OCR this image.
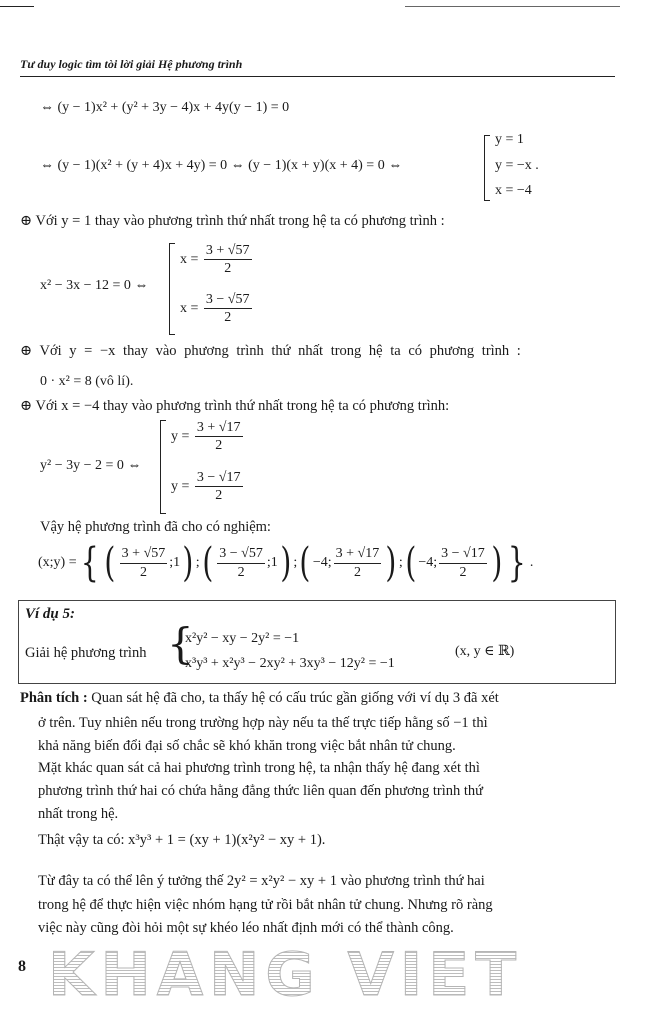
Tư duy logic tìm tòi lời giải Hệ phương trình
⇔ (y − 1)x² + (y² + 3y − 4)x + 4y(y − 1) = 0
⇔ (y − 1)(x² + (y + 4)x + 4y) = 0 ⇔ (y − 1)(x + y)(x + 4) = 0 ⇔
y = 1
y = −x .
x = −4
⊕ Với y = 1 thay vào phương trình thứ nhất trong hệ ta có phương trình :
x² − 3x − 12 = 0 ⇔
$x = \frac{3 + √57}{2}$
$x = \frac{3 - √57}{2}$
⊕ Với y = −x thay vào phương trình thứ nhất trong hệ ta có phương trình :
0 · x² = 8 (vô lí).
⊕ Với x = −4 thay vào phương trình thứ nhất trong hệ ta có phương trình:
y² − 3y − 2 = 0 ⇔
$y = \frac{3 + √17}{2}$
$y = \frac{3 - √17}{2}$
Vậy hệ phương trình đã cho có nghiệm:
(x;y) = { ( $\frac{3 + √57}{2}$ ;1 ) ; ( $\frac{3 - √57}{2}$ ;1 ) ; ( −4; $\frac{3 + √17}{2}$ ) ; ( −4; $\frac{3 - √17}{2}$ ) } .
Ví dụ 5:
Giải hệ phương trình {
x²y² − xy − 2y² = −1
x³y³ + x²y³ − 2xy² + 3xy³ − 12y² = −1
(x, y ∈ ℝ)
Phân tích : Quan sát hệ đã cho, ta thấy hệ có cấu trúc gần giống với ví dụ 3 đã xét
ở trên. Tuy nhiên nếu trong trường hợp này nếu ta thế trực tiếp hằng số −1 thì
khả năng biến đổi đại số chắc sẽ khó khăn trong việc bắt nhân tử chung.
Mặt khác quan sát cả hai phương trình trong hệ, ta nhận thấy hệ đang xét thì
phương trình thứ hai có chứa hằng đẳng thức liên quan đến phương trình thứ
nhất trong hệ.
Thật vậy ta có: x³y³ + 1 = (xy + 1)(x²y² − xy + 1).
Từ đây ta có thể lên ý tưởng thế 2y² = x²y² − xy + 1 vào phương trình thứ hai
trong hệ để thực hiện việc nhóm hạng tử rồi bắt nhân tử chung. Nhưng rõ ràng
việc này cũng đòi hỏi một sự khéo léo nhất định mới có thể thành công.
8 KHANG VIET
